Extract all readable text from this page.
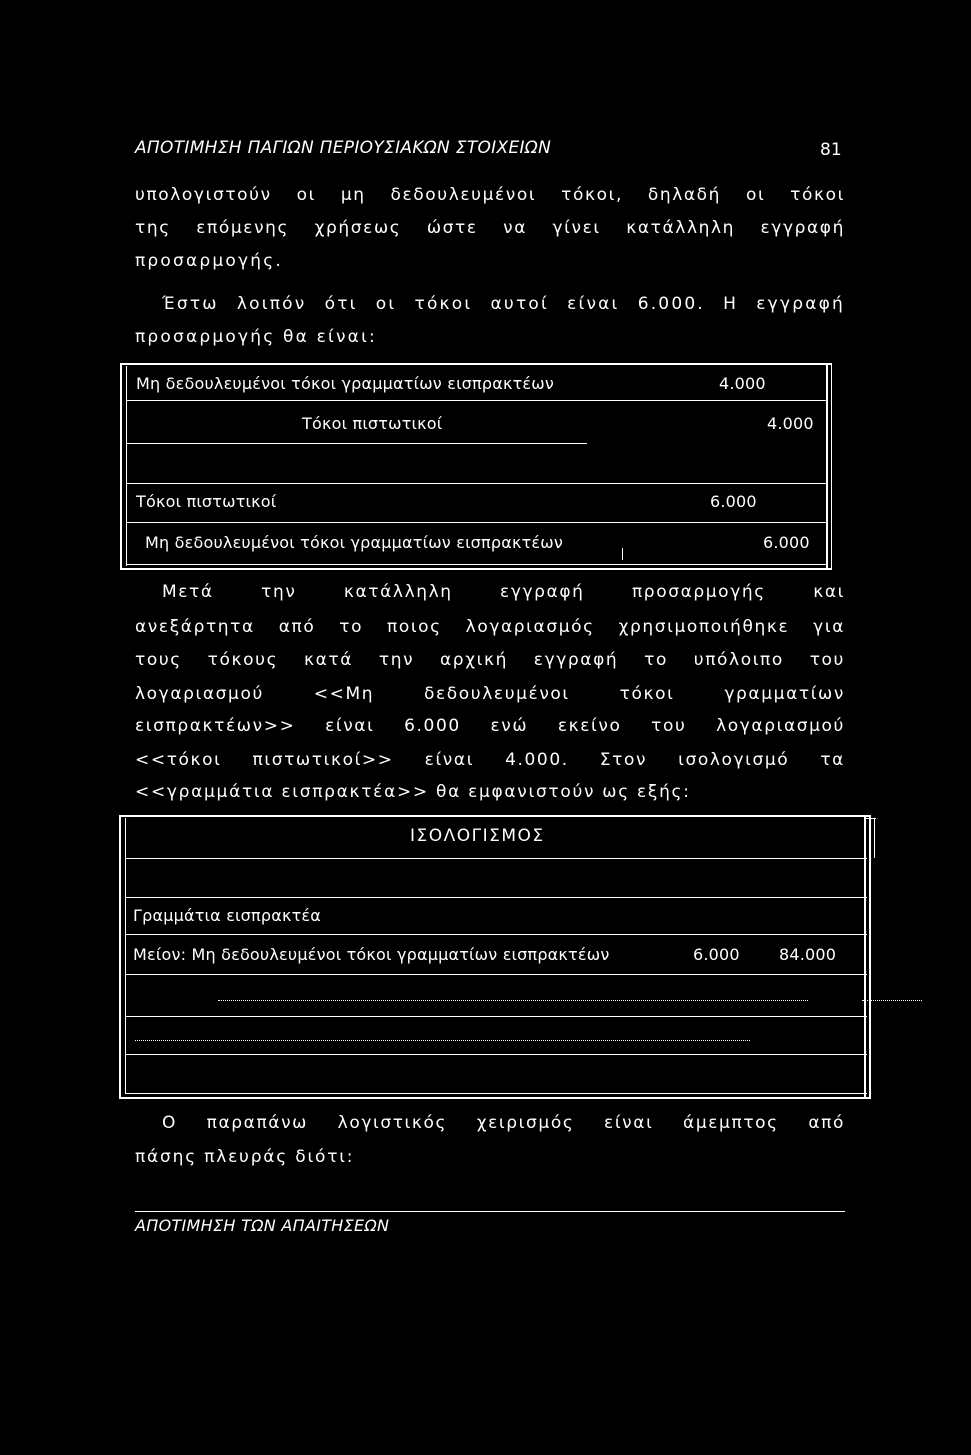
ΑΠΟΤΙΜΗΣΗ ΠΑΓΙΩΝ ΠΕΡΙΟΥΣΙΑΚΩΝ ΣΤΟΙΧΕΙΩΝ	81
υπολογιστούν οι μη δεδουλευμένοι τόκοι, δηλαδή οι τόκοι
της επόμενης χρήσεως ώστε να γίνει κατάλληλη εγγραφή
προσαρμογής.
Έστω λοιπόν ότι οι τόκοι αυτοί είναι 6.000. Η εγγραφή
προσαρμογής θα είναι:
Μη δεδουλευμένοι τόκοι γραμματίων εισπρακτέων	4.000
Τόκοι πιστωτικοί	4.000
Τόκοι πιστωτικοί	6.000
Μη δεδουλευμένοι τόκοι γραμματίων εισπρακτέων	6.000
Μετά την κατάλληλη εγγραφή προσαρμογής και
ανεξάρτητα από το ποιος λογαριασμός χρησιμοποιήθηκε για
τους τόκους κατά την αρχική εγγραφή το υπόλοιπο του
λογαριασμού <<Μη δεδουλευμένοι τόκοι γραμματίων
εισπρακτέων>> είναι 6.000 ενώ εκείνο του λογαριασμού
<<τόκοι πιστωτικοί>> είναι 4.000. Στον ισολογισμό τα
<<γραμμάτια εισπρακτέα>> θα εμφανιστούν ως εξής:
ΙΣΟΛΟΓΙΣΜΟΣ
Γραμμάτια εισπρακτέα
Μείον: Μη δεδουλευμένοι τόκοι γραμματίων εισπρακτέων	6.000 84.000
Ο παραπάνω λογιστικός χειρισμός είναι άμεμπτος από
πάσης πλευράς διότι:
ΑΠΟΤΙΜΗΣΗ ΤΩΝ ΑΠΑΙΤΗΣΕΩΝ
